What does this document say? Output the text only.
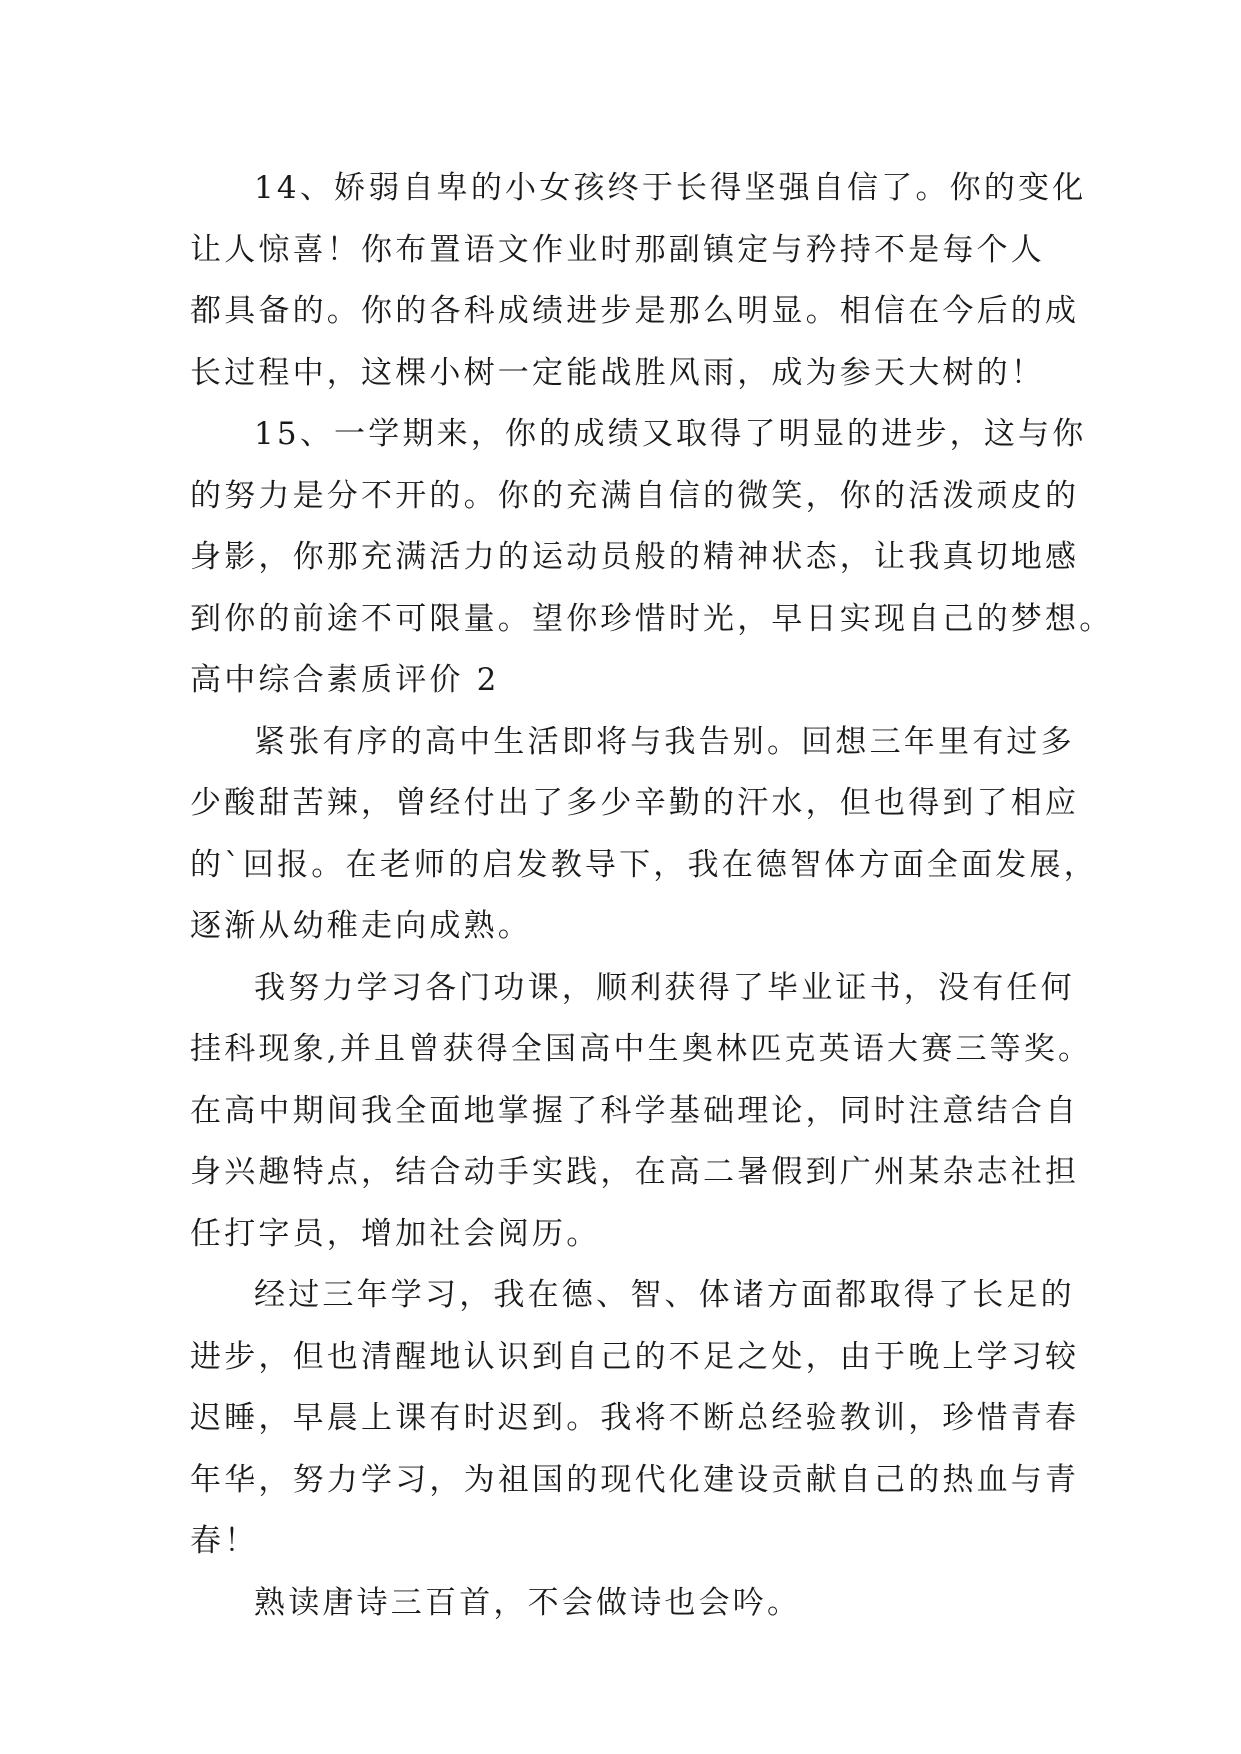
14、娇弱自卑的小女孩终于长得坚强自信了。你的变化
让人惊喜！你布置语文作业时那副镇定与矜持不是每个人
都具备的。你的各科成绩进步是那么明显。相信在今后的成
长过程中，这棵小树一定能战胜风雨，成为参天大树的！
15、一学期来，你的成绩又取得了明显的进步，这与你
的努力是分不开的。你的充满自信的微笑，你的活泼顽皮的
身影，你那充满活力的运动员般的精神状态，让我真切地感
到你的前途不可限量。望你珍惜时光，早日实现自己的梦想。
高中综合素质评价 2
紧张有序的高中生活即将与我告别。回想三年里有过多
少酸甜苦辣，曾经付出了多少辛勤的汗水，但也得到了相应
的`回报。在老师的启发教导下，我在德智体方面全面发展，
逐渐从幼稚走向成熟。
我努力学习各门功课，顺利获得了毕业证书，没有任何
挂科现象,并且曾获得全国高中生奥林匹克英语大赛三等奖。
在高中期间我全面地掌握了科学基础理论，同时注意结合自
身兴趣特点，结合动手实践，在高二暑假到广州某杂志社担
任打字员，增加社会阅历。
经过三年学习，我在德、智、体诸方面都取得了长足的
进步，但也清醒地认识到自己的不足之处，由于晚上学习较
迟睡，早晨上课有时迟到。我将不断总经验教训，珍惜青春
年华，努力学习，为祖国的现代化建设贡献自己的热血与青
春！
熟读唐诗三百首，不会做诗也会吟。
